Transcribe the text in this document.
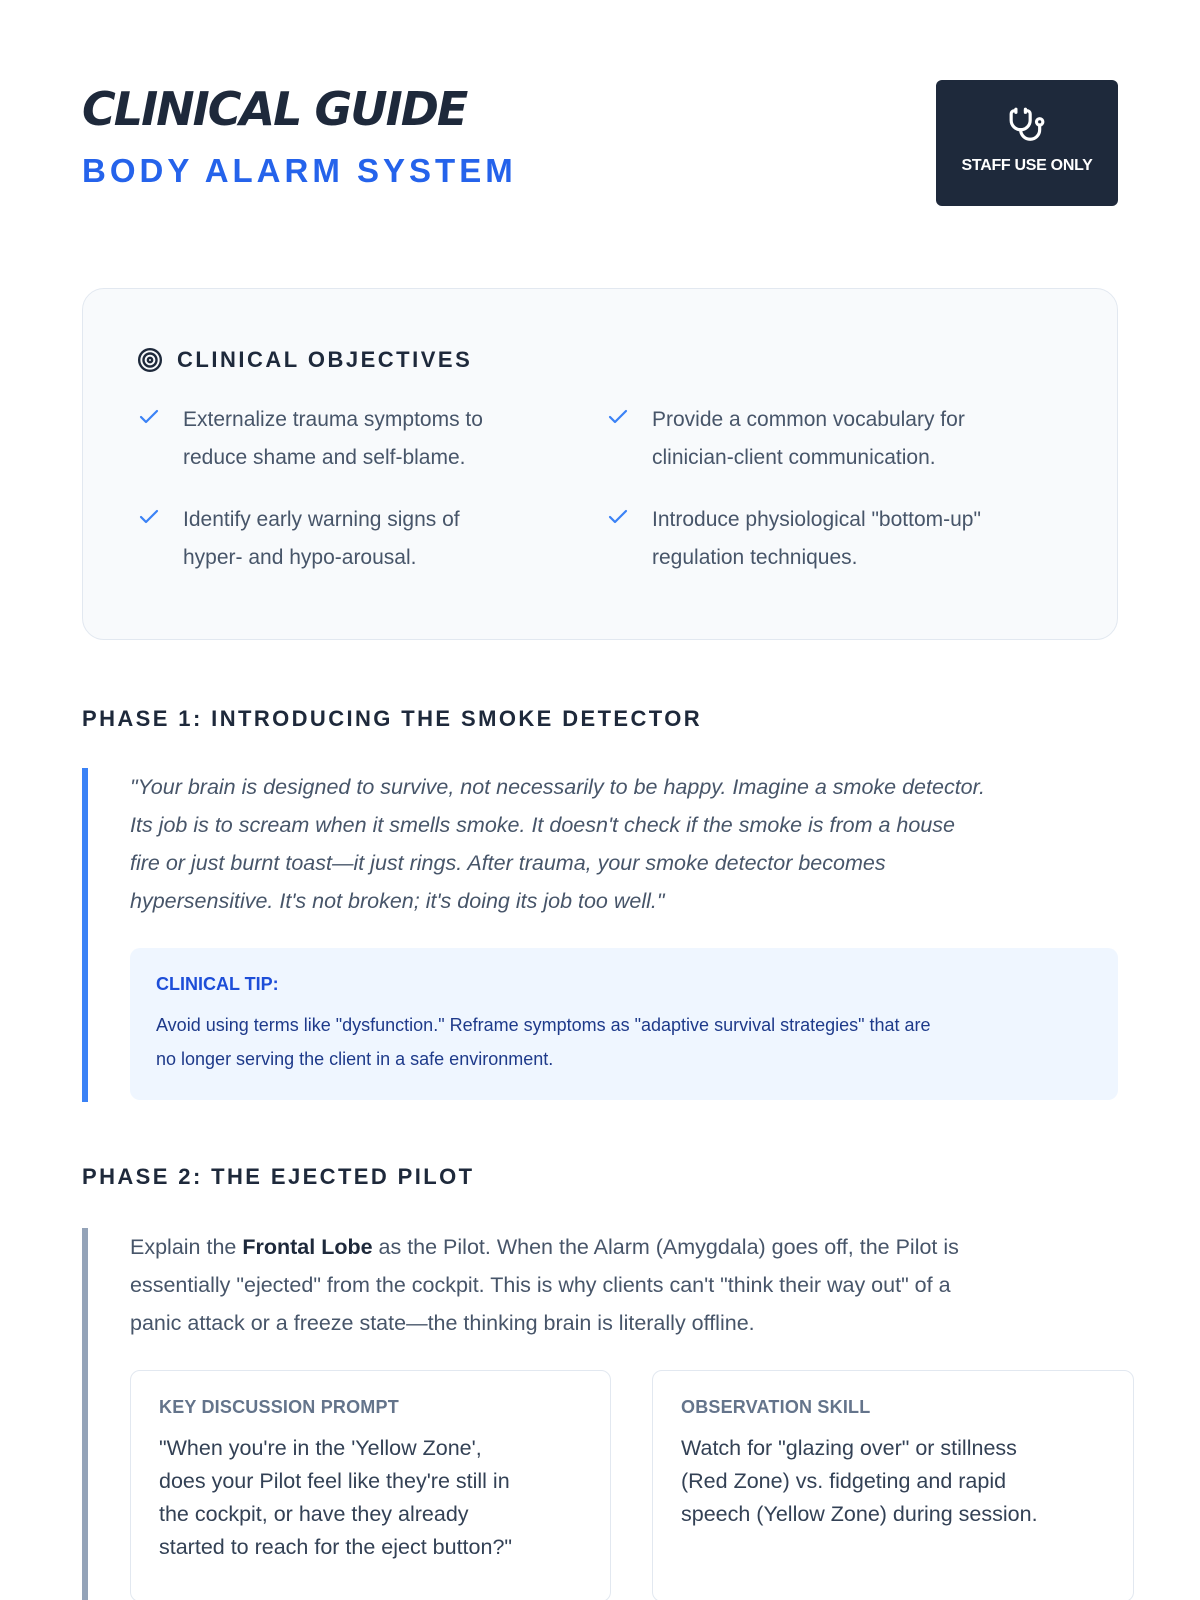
CLINICAL GUIDE
BODY ALARM SYSTEM	STAFF USE ONLY
CLINICAL OBJECTIVES
Externalize trauma symptoms to
reduce shame and self-blame.
Provide a common vocabulary for
clinician-client communication.
Identify early warning signs of
hyper- and hypo-arousal.
Introduce physiological "bottom-up"
regulation techniques.
PHASE 1: INTRODUCING THE SMOKE DETECTOR
"Your brain is designed to survive, not necessarily to be happy. Imagine a smoke detector.
Its job is to scream when it smells smoke. It doesn't check if the smoke is from a house
fire or just burnt toast—it just rings. After trauma, your smoke detector becomes
hypersensitive. It's not broken; it's doing its job too well."
CLINICAL TIP:
Avoid using terms like "dysfunction." Reframe symptoms as "adaptive survival strategies" that are
no longer serving the client in a safe environment.
PHASE 2: THE EJECTED PILOT
Explain the Frontal Lobe as the Pilot. When the Alarm (Amygdala) goes off, the Pilot is
essentially "ejected" from the cockpit. This is why clients can't "think their way out" of a
panic attack or a freeze state—the thinking brain is literally offline.
KEY DISCUSSION PROMPT
"When you're in the 'Yellow Zone',
does your Pilot feel like they're still in
the cockpit, or have they already
started to reach for the eject button?"
OBSERVATION SKILL
Watch for "glazing over" or stillness
(Red Zone) vs. fidgeting and rapid
speech (Yellow Zone) during session.
